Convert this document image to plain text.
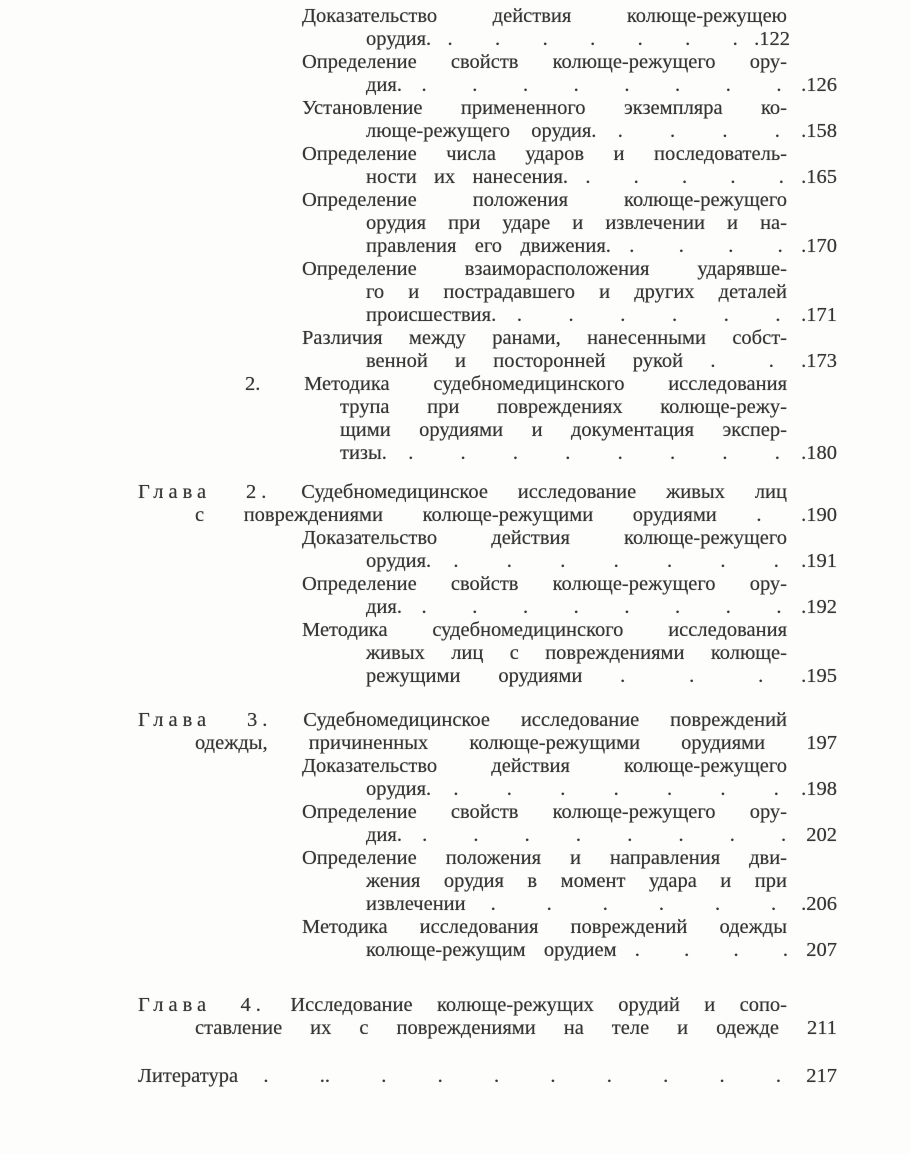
Доказательство действия колюще-режущею
орудия. . . . . . . . .122
Определение свойств колюще-режущего ору-
дия. . . . . . . . . .126
Установление примененного экземпляра ко-
люще-режущего орудия. . . . . .158
Определение числа ударов и последователь-
ности их нанесения. . . . . . .165
Определение положения колюще-режущего
орудия при ударе и извлечении и на-
правления его движения. . . . . .170
Определение взаиморасположения ударявше-
го и пострадавшего и других деталей
происшествия. . . . . . . .171
Различия между ранами, нанесенными собст-
венной и посторонней рукой . . .173
2. Методика судебномедицинского исследования
трупа при повреждениях колюще-режу-
щими орудиями и документация экспер-
тизы. . . . . . . . . .180
Глава 2. Судебномедицинское исследование живых лиц
с повреждениями колюще-режущими орудиями . .190
Доказательство действия колюще-режущего
орудия. . . . . . . . .191
Определение свойств колюще-режущего ору-
дия. . . . . . . . . .192
Методика судебномедицинского исследования
живых лиц с повреждениями колюще-
режущими орудиями . . . .195
Глава 3. Судебномедицинское исследование повреждений
одежды, причиненных колюще-режущими орудиями 197
Доказательство действия колюще-режущего
орудия. . . . . . . . .198
Определение свойств колюще-режущего ору-
дия. . . . . . . . . 202
Определение положения и направления дви-
жения орудия в момент удара и при
извлечении . . . . . . .206
Методика исследования повреждений одежды
колюще-режущим орудием . . . . 207
Глава 4. Исследование колюще-режущих орудий и сопо-
ставление их с повреждениями на теле и одежде 211
Литература . .. . . . . . . . . 217
